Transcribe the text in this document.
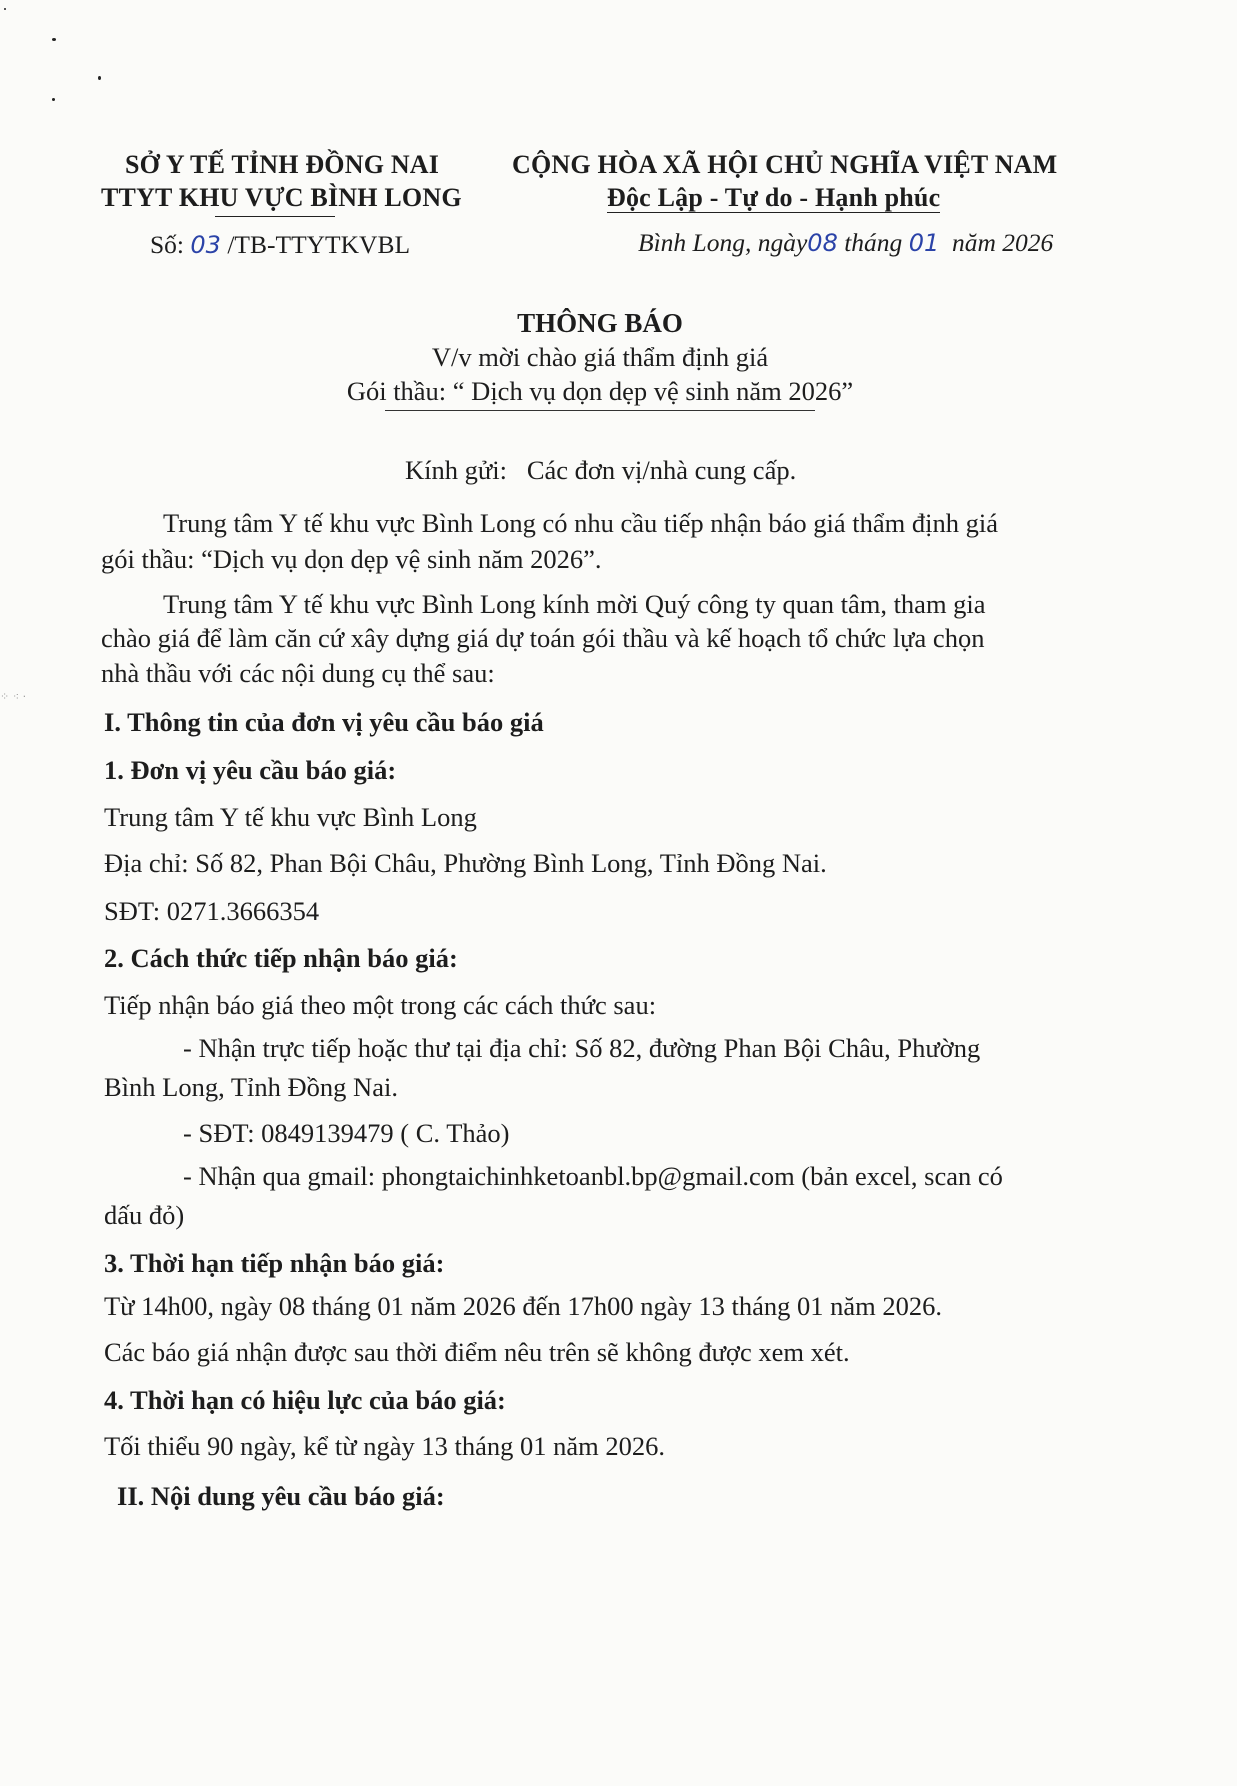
⁘ ⁖ ·
SỞ Y TẾ TỈNH ĐỒNG NAI
TTYT KHU VỰC BÌNH LONG
Số: 03 /TB-TTYTKVBL
CỘNG HÒA XÃ HỘI CHỦ NGHĨA VIỆT NAM
Độc Lập - Tự do - Hạnh phúc
Bình Long, ngày08 tháng 01 năm 2026
THÔNG BÁO
V/v mời chào giá thẩm định giá
Gói thầu: “ Dịch vụ dọn dẹp vệ sinh năm 2026”
Kính gửi: Các đơn vị/nhà cung cấp.
Trung tâm Y tế khu vực Bình Long có nhu cầu tiếp nhận báo giá thẩm định giá
gói thầu: “Dịch vụ dọn dẹp vệ sinh năm 2026”.
Trung tâm Y tế khu vực Bình Long kính mời Quý công ty quan tâm, tham gia
chào giá để làm căn cứ xây dựng giá dự toán gói thầu và kế hoạch tổ chức lựa chọn
nhà thầu với các nội dung cụ thể sau:
I. Thông tin của đơn vị yêu cầu báo giá
1. Đơn vị yêu cầu báo giá:
Trung tâm Y tế khu vực Bình Long
Địa chỉ: Số 82, Phan Bội Châu, Phường Bình Long, Tỉnh Đồng Nai.
SĐT: 0271.3666354
2. Cách thức tiếp nhận báo giá:
Tiếp nhận báo giá theo một trong các cách thức sau:
- Nhận trực tiếp hoặc thư tại địa chỉ: Số 82, đường Phan Bội Châu, Phường
Bình Long, Tỉnh Đồng Nai.
- SĐT: 0849139479 ( C. Thảo)
- Nhận qua gmail: phongtaichinhketoanbl.bp@gmail.com (bản excel, scan có
dấu đỏ)
3. Thời hạn tiếp nhận báo giá:
Từ 14h00, ngày 08 tháng 01 năm 2026 đến 17h00 ngày 13 tháng 01 năm 2026.
Các báo giá nhận được sau thời điểm nêu trên sẽ không được xem xét.
4. Thời hạn có hiệu lực của báo giá:
Tối thiểu 90 ngày, kể từ ngày 13 tháng 01 năm 2026.
II. Nội dung yêu cầu báo giá:
